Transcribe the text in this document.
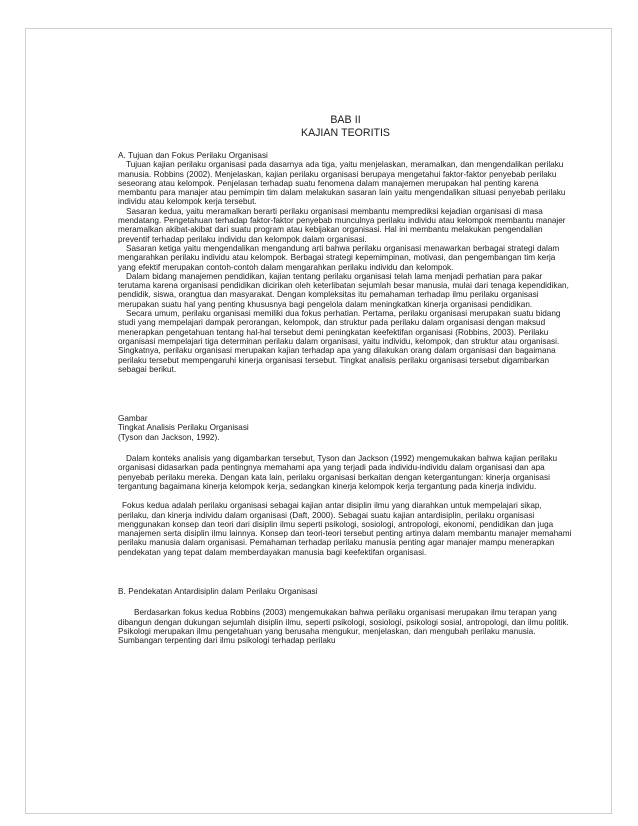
BAB II

KAJIAN TEORITIS

A. Tujuan dan Fokus Perilaku Organisasi

Tujuan kajian perilaku organisasi pada dasarnya ada tiga, yaitu menjelaskan, meramalkan, dan mengendalikan perilaku manusia. Robbins (2002). Menjelaskan, kajian perilaku organisasi berupaya mengetahui faktor-faktor penyebab perilaku seseorang atau kelompok. Penjelasan terhadap suatu fenomena dalam manajemen merupakan hal penting karena membantu para manajer atau pemimpin tim dalam melakukan sasaran lain yaitu mengendalikan situasi penyebab perilaku individu atau kelompok kerja tersebut.

Sasaran kedua, yaitu meramalkan berarti perilaku organisasi membantu memprediksi kejadian organisasi di masa mendatang. Pengetahuan terhadap faktor-faktor penyebab munculnya perilaku individu atau kelompok membantu manajer meramalkan akibat-akibat dari suatu program atau kebijakan organisasi. Hal ini membantu melakukan pengendalian preventif terhadap perilaku individu dan kelompok dalam organisasi.

Sasaran ketiga yaitu mengendalikan mengandung arti bahwa perilaku organisasi menawarkan berbagai strategi dalam mengarahkan perilaku individu atau kelompok. Berbagai strategi kepemimpinan, motivasi, dan pengembangan tim kerja yang efektif merupakan contoh-contoh dalam mengarahkan perilaku individu dan kelompok.

Dalam bidang manajemen pendidikan, kajian tentang perilaku organisasi telah lama menjadi perhatian para pakar terutama karena organisasi pendidikan dicirikan oleh keterlibatan sejumlah besar manusia, mulai dari tenaga kependidikan, pendidik, siswa, orangtua dan masyarakat. Dengan kompleksitas itu pemahaman terhadap ilmu perilaku organisasi merupakan suatu hal yang penting khususnya bagi pengelola dalam meningkatkan kinerja organisasi pendidikan.

Secara umum, perilaku organisasi memiliki dua fokus perhatian. Pertama, perilaku organisasi merupakan suatu bidang studi yang mempelajari dampak perorangan, kelompok, dan struktur pada perilaku dalam organisasi dengan maksud menerapkan pengetahuan tentang hal-hal tersebut demi peningkatan keefektifan organisasi (Robbins, 2003). Perilaku organisasi mempelajari tiga determinan perilaku dalam organisasi, yaitu individu, kelompok, dan struktur atau organisasi. Singkatnya, perilaku organisasi merupakan kajian terhadap apa yang dilakukan orang dalam organisasi dan bagaimana perilaku tersebut mempengaruhi kinerja organisasi tersebut. Tingkat analisis perilaku organisasi tersebut digambarkan sebagai berikut.

Gambar

Tingkat Analisis Perilaku Organisasi

(Tyson dan Jackson, 1992).

Dalam konteks analisis yang digambarkan tersebut, Tyson dan Jackson (1992) mengemukakan bahwa kajian perilaku organisasi didasarkan pada pentingnya memahami apa yang terjadi pada individu-individu dalam organisasi dan apa penyebab perilaku mereka. Dengan kata lain, perilaku organisasi berkaitan dengan ketergantungan: kinerja organisasi tergantung bagaimana kinerja kelompok kerja, sedangkan kinerja kelompok kerja tergantung pada kinerja individu.

Fokus kedua adalah perilaku organisasi sebagai kajian antar disiplin ilmu yang diarahkan untuk mempelajari sikap, perilaku, dan kinerja individu dalam organisasi (Daft, 2000). Sebagai suatu kajian antardisiplin, perilaku organisasi menggunakan konsep dan teori dari disiplin ilmu seperti psikologi, sosiologi, antropologi, ekonomi, pendidikan dan juga manajemen serta disiplin ilmu lainnya. Konsep dan teori-teori tersebut penting artinya dalam membantu manajer memahami perilaku manusia dalam organisasi. Pemahaman terhadap perilaku manusia penting agar manajer mampu menerapkan pendekatan yang tepat dalam memberdayakan manusia bagi keefektifan organisasi.

B. Pendekatan Antardisiplin dalam Perilaku Organisasi

Berdasarkan fokus kedua Robbins (2003) mengemukakan bahwa perilaku organisasi merupakan ilmu terapan yang dibangun dengan dukungan sejumlah disiplin ilmu, seperti psikologi, sosiologi, psikologi sosial, antropologi, dan ilmu politik. Psikologi merupakan ilmu pengetahuan yang berusaha mengukur, menjelaskan, dan mengubah perilaku manusia. Sumbangan terpenting dari ilmu psikologi terhadap perilaku
